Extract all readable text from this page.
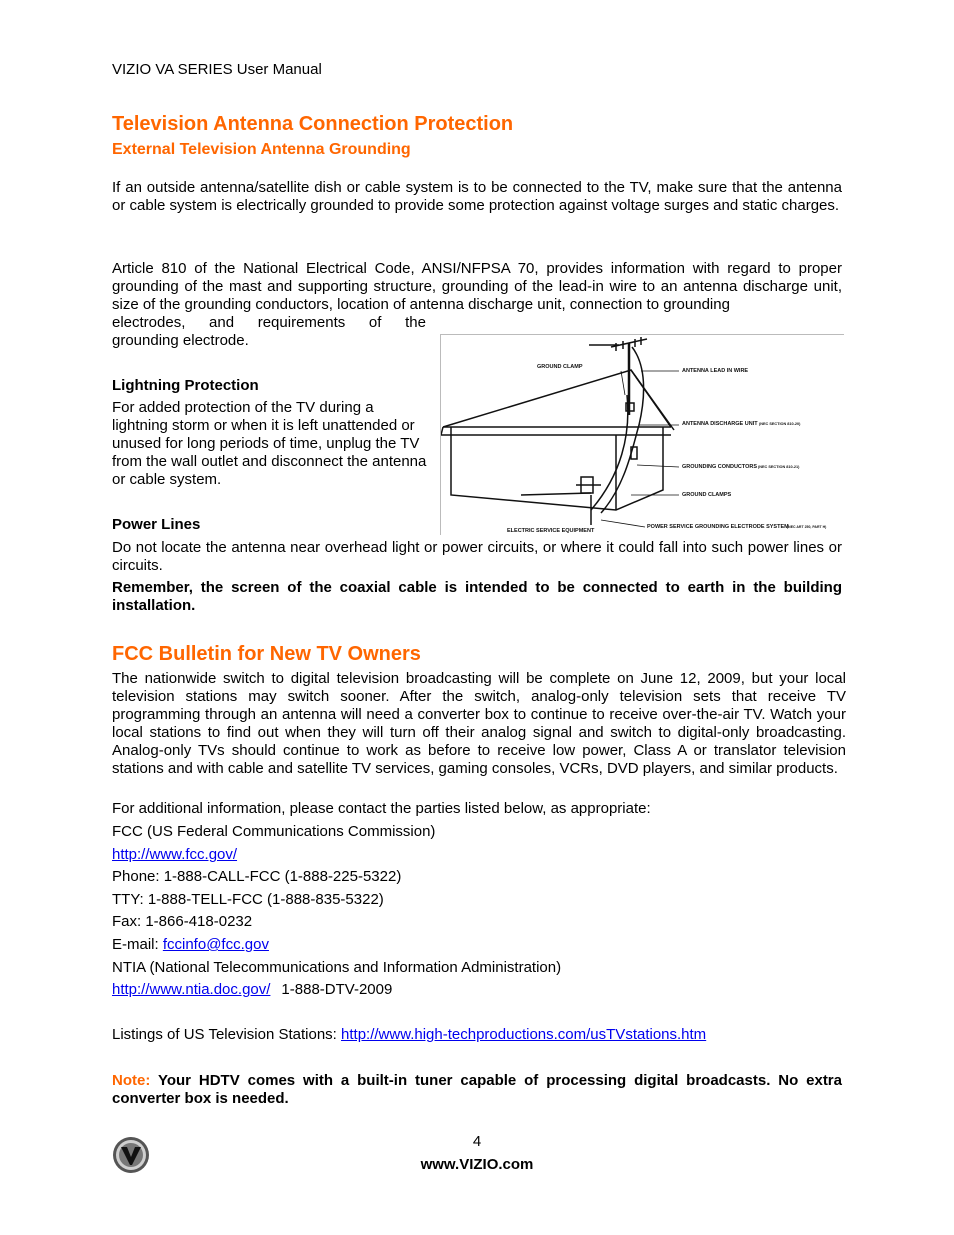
VIZIO VA SERIES User Manual
Television Antenna Connection Protection
External Television Antenna Grounding
If an outside antenna/satellite dish or cable system is to be connected to the TV, make sure that the antenna or cable system is electrically grounded to provide some protection against voltage surges and static charges.
Article 810 of the National Electrical Code, ANSI/NFPSA 70, provides information with regard to proper grounding of the mast and supporting structure, grounding of the lead-in wire to an antenna discharge unit, size of the grounding conductors, location of antenna discharge unit, connection to grounding
electrodes, and requirements of the
grounding electrode.
Lightning Protection
For added protection of the TV during a lightning storm or when it is left unattended or unused for long periods of time, unplug the TV from the wall outlet and disconnect the antenna or cable system.
GROUND CLAMP
ANTENNA LEAD IN WIRE
ANTENNA DISCHARGE UNIT (NEC SECTION 810-20)
GROUNDING CONDUCTORS (NEC SECTION 810-21)
GROUND CLAMPS
POWER SERVICE GROUNDING ELECTRODE SYSTEM
(NEC ART 250, PART H)
ELECTRIC SERVICE EQUIPMENT
Power Lines
Do not locate the antenna near overhead light or power circuits, or where it could fall into such power lines or circuits.
Remember, the screen of the coaxial cable is intended to be connected to earth in the building installation.
FCC Bulletin for New TV Owners
The nationwide switch to digital television broadcasting will be complete on June 12, 2009, but your local television stations may switch sooner. After the switch, analog-only television sets that receive TV programming through an antenna will need a converter box to continue to receive over-the-air TV. Watch your local stations to find out when they will turn off their analog signal and switch to digital-only broadcasting. Analog-only TVs should continue to work as before to receive low power, Class A or translator television stations and with cable and satellite TV services, gaming consoles, VCRs, DVD players, and similar products.
For additional information, please contact the parties listed below, as appropriate:
FCC (US Federal Communications Commission)
http://www.fcc.gov/
Phone: 1-888-CALL-FCC (1-888-225-5322)
TTY: 1-888-TELL-FCC (1-888-835-5322)
Fax: 1-866-418-0232
E-mail: fccinfo@fcc.gov
NTIA (National Telecommunications and Information Administration)
http://www.ntia.doc.gov/ 1-888-DTV-2009
Listings of US Television Stations: http://www.high-techproductions.com/usTVstations.htm
Note: Your HDTV comes with a built-in tuner capable of processing digital broadcasts. No extra converter box is needed.
4
www.VIZIO.com
